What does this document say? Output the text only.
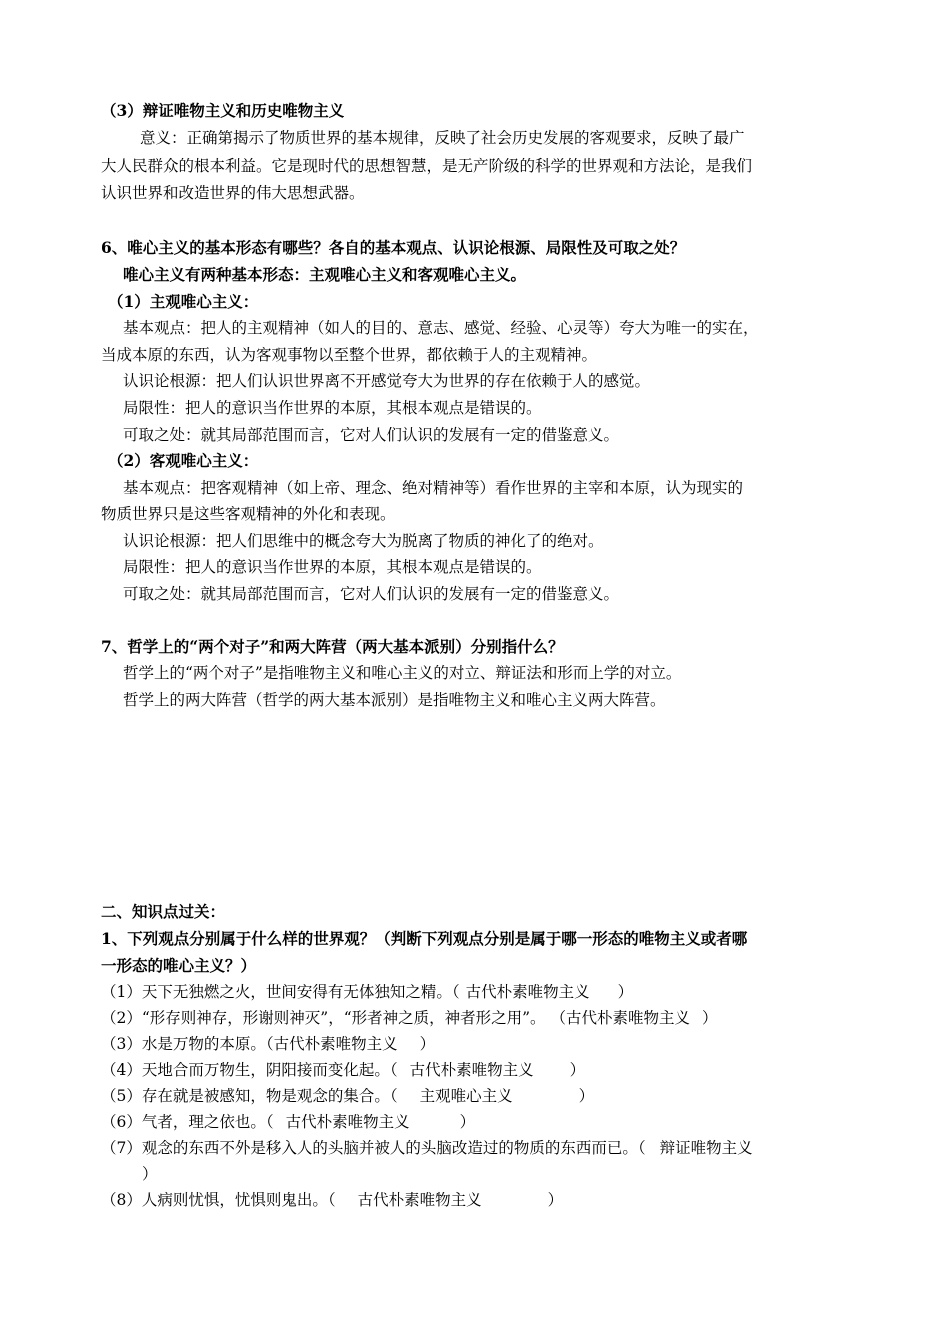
（3）辩证唯物主义和历史唯物主义
意义：正确第揭示了物质世界的基本规律，反映了社会历史发展的客观要求，反映了最广
大人民群众的根本利益。它是现时代的思想智慧，是无产阶级的科学的世界观和方法论，是我们
认识世界和改造世界的伟大思想武器。
6、唯心主义的基本形态有哪些？各自的基本观点、认识论根源、局限性及可取之处？
唯心主义有两种基本形态：主观唯心主义和客观唯心主义。
（1）主观唯心主义：
基本观点：把人的主观精神（如人的目的、意志、感觉、经验、心灵等）夸大为唯一的实在，
当成本原的东西，认为客观事物以至整个世界，都依赖于人的主观精神。
认识论根源：把人们认识世界离不开感觉夸大为世界的存在依赖于人的感觉。
局限性：把人的意识当作世界的本原，其根本观点是错误的。
可取之处：就其局部范围而言，它对人们认识的发展有一定的借鉴意义。
（2）客观唯心主义：
基本观点：把客观精神（如上帝、理念、绝对精神等）看作世界的主宰和本原，认为现实的
物质世界只是这些客观精神的外化和表现。
认识论根源：把人们思维中的概念夸大为脱离了物质的神化了的绝对。
局限性：把人的意识当作世界的本原，其根本观点是错误的。
可取之处：就其局部范围而言，它对人们认识的发展有一定的借鉴意义。
7、哲学上的“两个对子”和两大阵营（两大基本派别）分别指什么？
哲学上的“两个对子”是指唯物主义和唯心主义的对立、辩证法和形而上学的对立。
哲学上的两大阵营（哲学的两大基本派别）是指唯物主义和唯心主义两大阵营。
二、知识点过关：
1、下列观点分别属于什么样的世界观？（判断下列观点分别是属于哪一形态的唯物主义或者哪
一形态的唯心主义？）
（1）天下无独燃之火，世间安得有无体独知之精。（ 古代朴素唯物主义 ）
（2）“形存则神存，形谢则神灭”，“形者神之质，神者形之用”。 （古代朴素唯物主义 ）
（3）水是万物的本原。（古代朴素唯物主义 ）
（4）天地合而万物生，阴阳接而变化起。（ 古代朴素唯物主义 ）
（5）存在就是被感知，物是观念的集合。（ 主观唯心主义	）
（6）气者，理之依也。（ 古代朴素唯物主义	）
（7）观念的东西不外是移入人的头脑并被人的头脑改造过的物质的东西而已。（ 辩证唯物主义
）
（8）人病则忧惧，忧惧则鬼出。（ 古代朴素唯物主义	）
